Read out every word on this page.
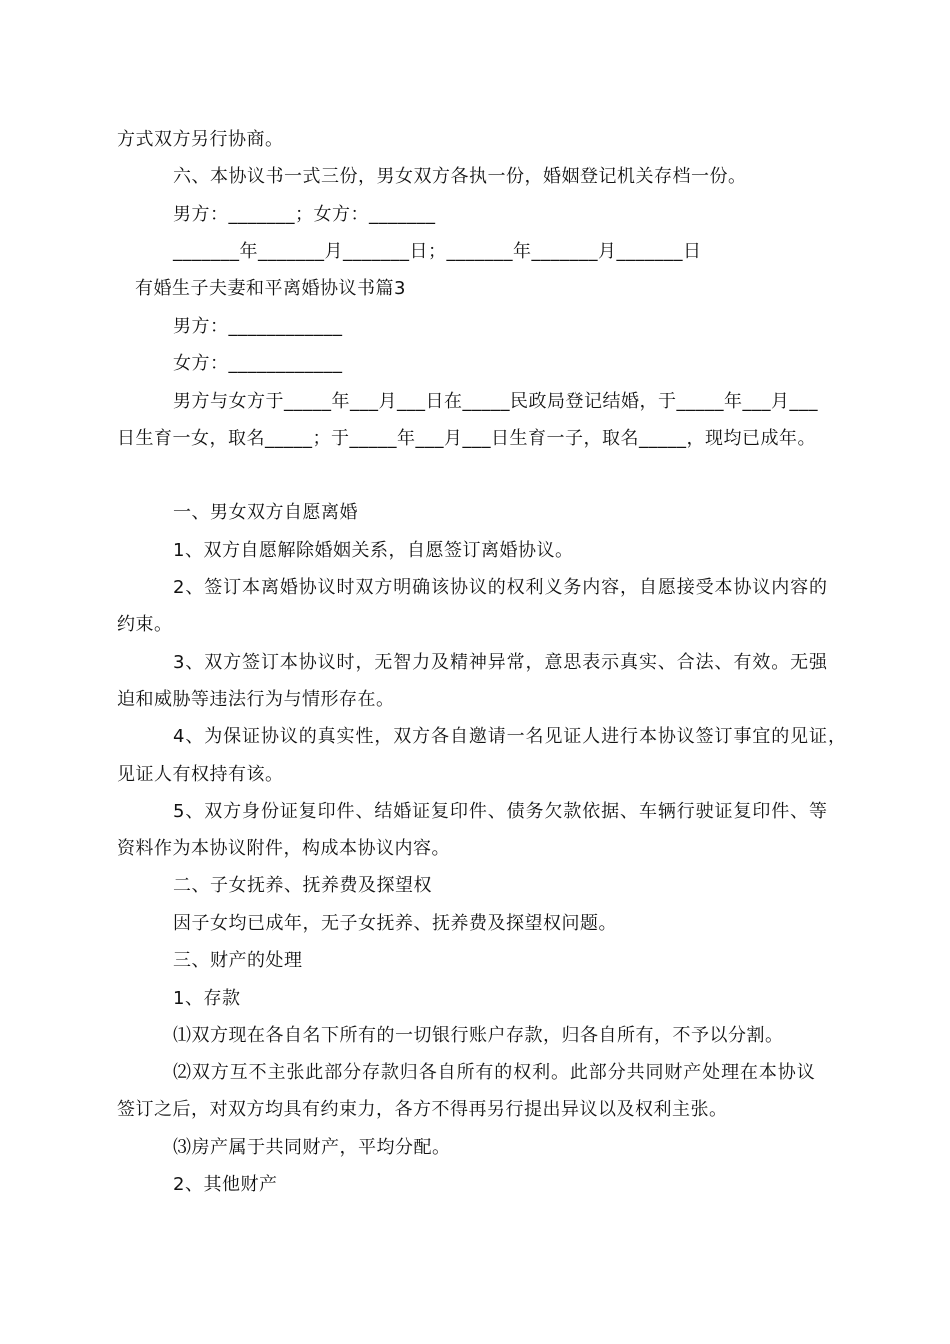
方式双方另行协商。
六、本协议书一式三份，男女双方各执一份，婚姻登记机关存档一份。
男方：_______；女方：_______
_______年_______月_______日；_______年_______月_______日
有婚生子夫妻和平离婚协议书篇3
男方：____________
女方：____________
男方与女方于_____年___月___日在_____民政局登记结婚，于_____年___月___
日生育一女，取名_____；于_____年___月___日生育一子，取名_____，现均已成年。
一、男女双方自愿离婚
1、双方自愿解除婚姻关系，自愿签订离婚协议。
2、签订本离婚协议时双方明确该协议的权利义务内容，自愿接受本协议内容的
约束。
3、双方签订本协议时，无智力及精神异常，意思表示真实、合法、有效。无强
迫和威胁等违法行为与情形存在。
4、为保证协议的真实性，双方各自邀请一名见证人进行本协议签订事宜的见证，
见证人有权持有该。
5、双方身份证复印件、结婚证复印件、债务欠款依据、车辆行驶证复印件、等
资料作为本协议附件，构成本协议内容。
二、子女抚养、抚养费及探望权
因子女均已成年，无子女抚养、抚养费及探望权问题。
三、财产的处理
1、存款
⑴双方现在各自名下所有的一切银行账户存款，归各自所有，不予以分割。
⑵双方互不主张此部分存款归各自所有的权利。此部分共同财产处理在本协议
签订之后，对双方均具有约束力，各方不得再另行提出异议以及权利主张。
⑶房产属于共同财产，平均分配。
2、其他财产
